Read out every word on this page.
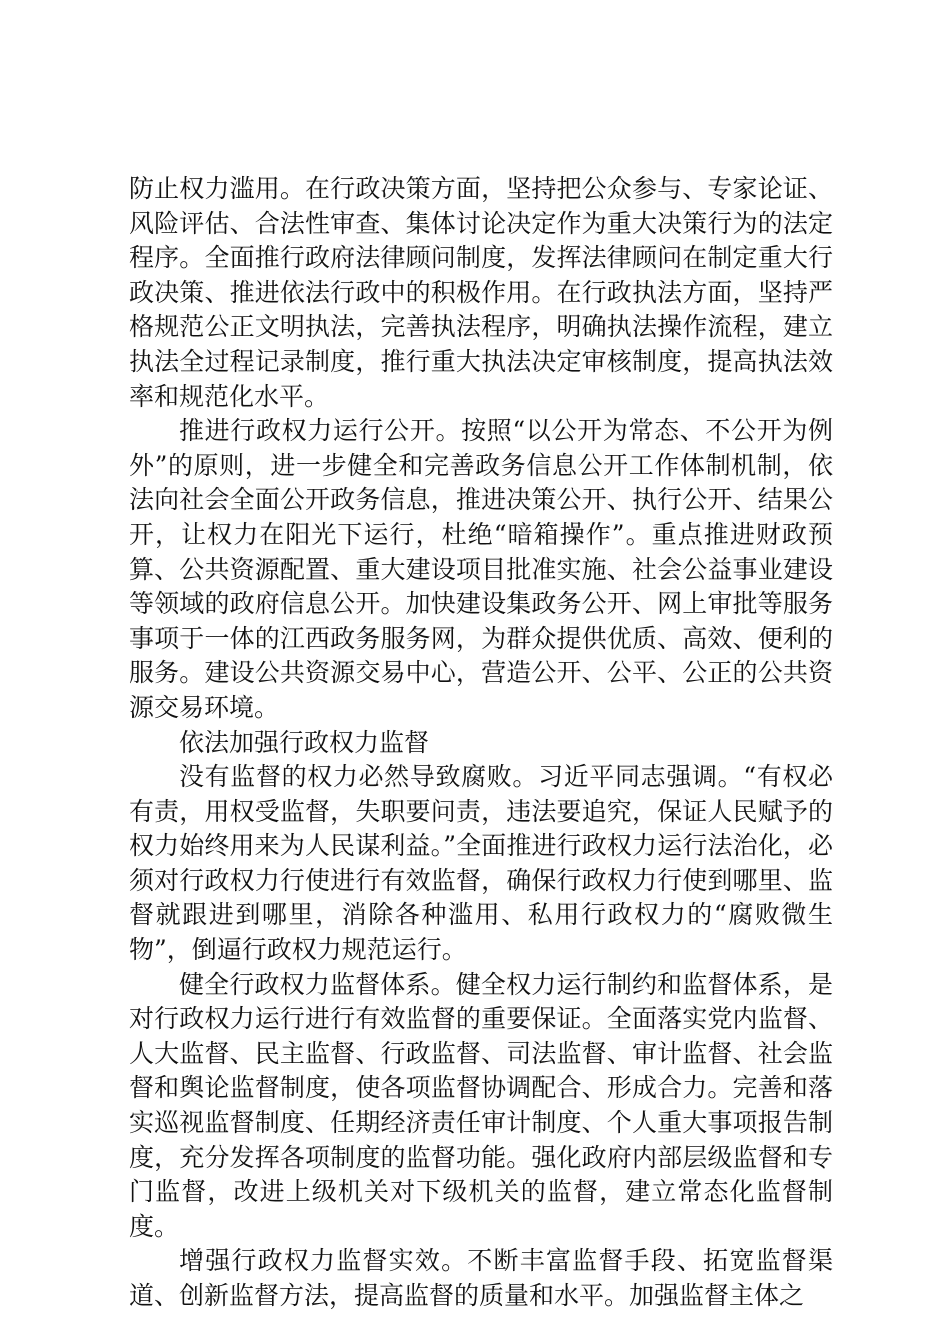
防止权力滥用。在行政决策方面，坚持把公众参与、专家论证、风险评估、合法性审查、集体讨论决定作为重大决策行为的法定程序。全面推行政府法律顾问制度，发挥法律顾问在制定重大行政决策、推进依法行政中的积极作用。在行政执法方面，坚持严格规范公正文明执法，完善执法程序，明确执法操作流程，建立执法全过程记录制度，推行重大执法决定审核制度，提高执法效率和规范化水平。

推进行政权力运行公开。按照“以公开为常态、不公开为例外”的原则，进一步健全和完善政务信息公开工作体制机制，依法向社会全面公开政务信息，推进决策公开、执行公开、结果公开，让权力在阳光下运行，杜绝“暗箱操作”。重点推进财政预算、公共资源配置、重大建设项目批准实施、社会公益事业建设等领域的政府信息公开。加快建设集政务公开、网上审批等服务事项于一体的江西政务服务网，为群众提供优质、高效、便利的服务。建设公共资源交易中心，营造公开、公平、公正的公共资源交易环境。

依法加强行政权力监督

没有监督的权力必然导致腐败。习近平同志强调。“有权必有责，用权受监督，失职要问责，违法要追究，保证人民赋予的权力始终用来为人民谋利益。”全面推进行政权力运行法治化，必须对行政权力行使进行有效监督，确保行政权力行使到哪里、监督就跟进到哪里，消除各种滥用、私用行政权力的“腐败微生物”，倒逼行政权力规范运行。

健全行政权力监督体系。健全权力运行制约和监督体系，是对行政权力运行进行有效监督的重要保证。全面落实党内监督、人大监督、民主监督、行政监督、司法监督、审计监督、社会监督和舆论监督制度，使各项监督协调配合、形成合力。完善和落实巡视监督制度、任期经济责任审计制度、个人重大事项报告制度，充分发挥各项制度的监督功能。强化政府内部层级监督和专门监督，改进上级机关对下级机关的监督，建立常态化监督制度。

增强行政权力监督实效。不断丰富监督手段、拓宽监督渠道、创新监督方法，提高监督的质量和水平。加强监督主体之
